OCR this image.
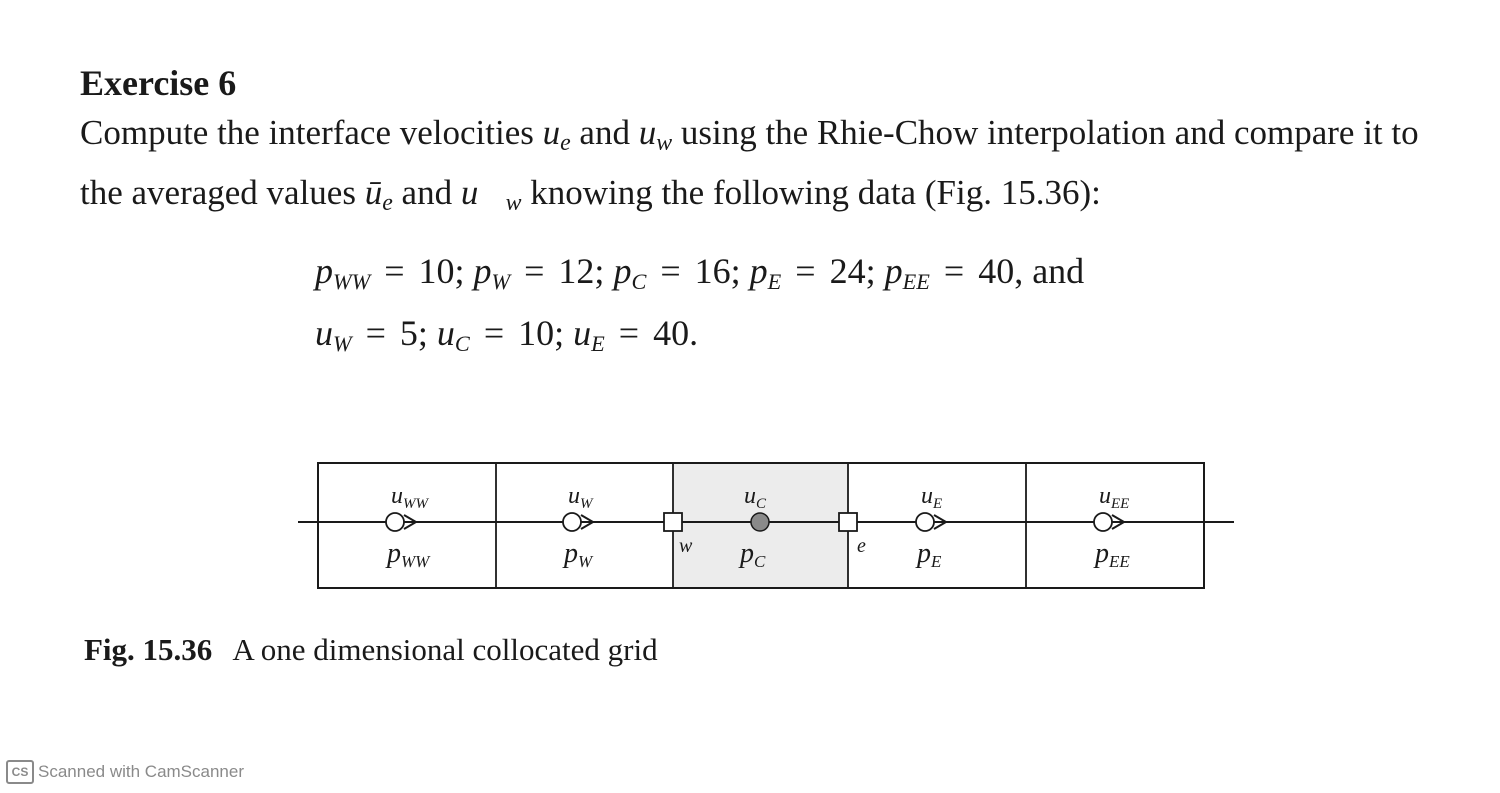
Exercise 6

Compute the interface velocities $u_e$ and $u_w$ using the Rhie-Chow interpolation and compare it to the averaged values $ū_e$ and $u⃗_w$ knowing the following data (Fig. 15.36):

pWW = 10; pW = 12; pC = 16; pE = 24; pEE = 40, and
uW = 5; uC = 10; uE = 40.
$u_{WW}$
pWW
$u_W$
pW
$u_C$
pC
$u_E$
pE
$u_{EE}$
pEE
w	e
Fig. 15.36 A one dimensional collocated grid
CS Scanned with CamScanner
